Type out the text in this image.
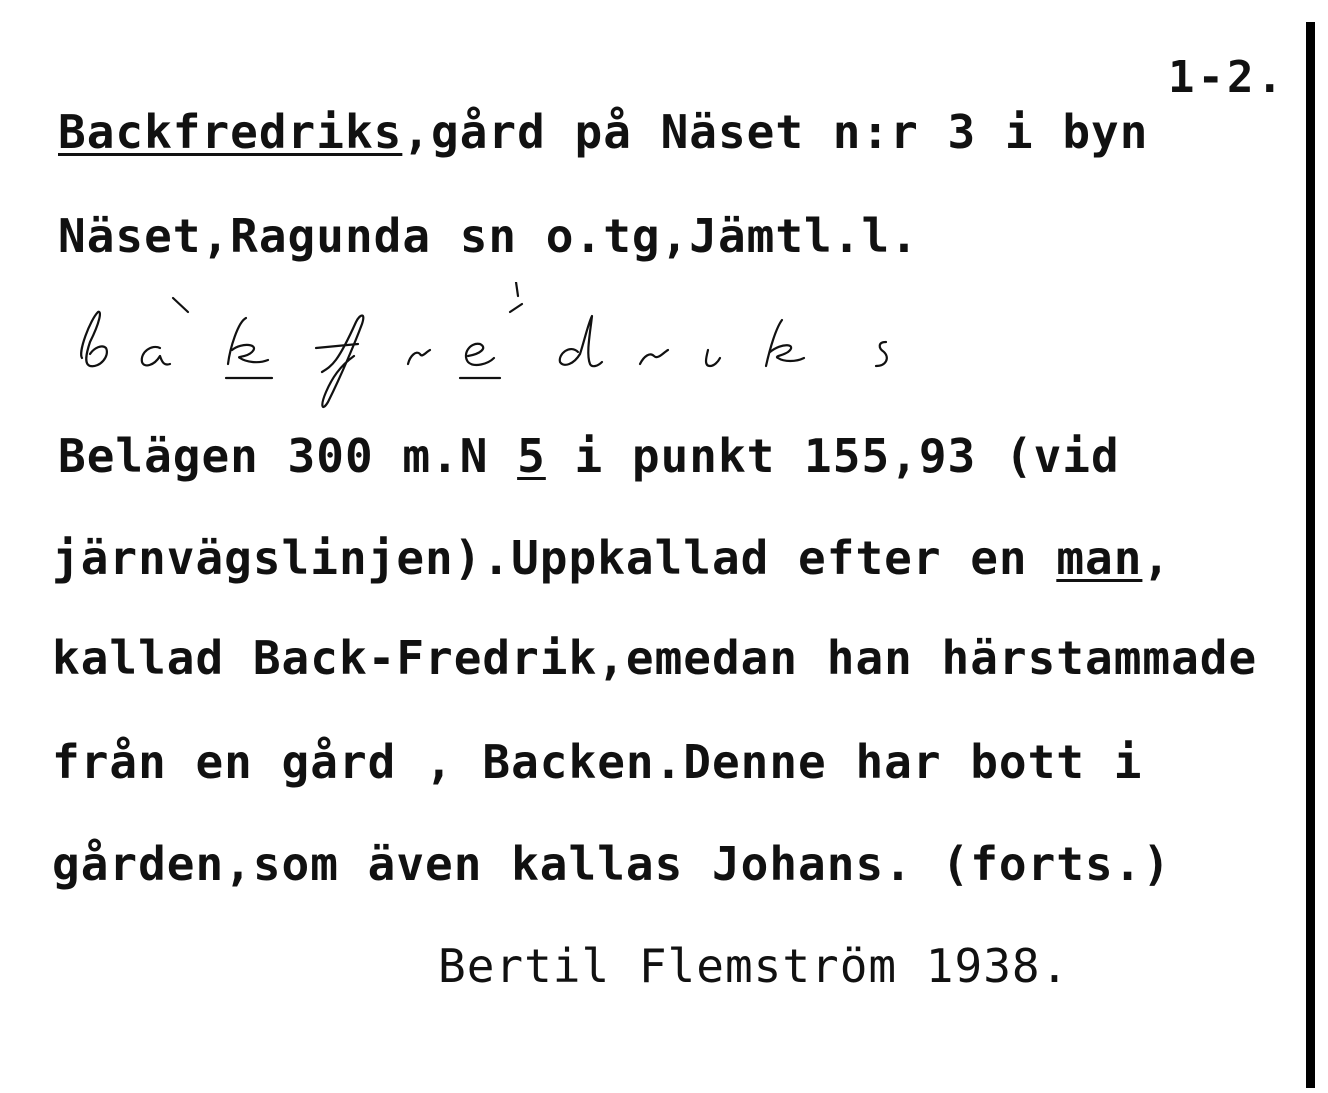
1-2.
Backfredriks,gård på Näset n:r 3 i byn
Näset,Ragunda sn o.tg,Jämtl.l.
Belägen 300 m.N 5 i punkt 155,93 (vid
järnvägslinjen).Uppkallad efter en man,
kallad Back-Fredrik,emedan han härstammade
från en gård , Backen.Denne har bott i
gården,som även kallas Johans. (forts.)
Bertil Flemström 1938.
